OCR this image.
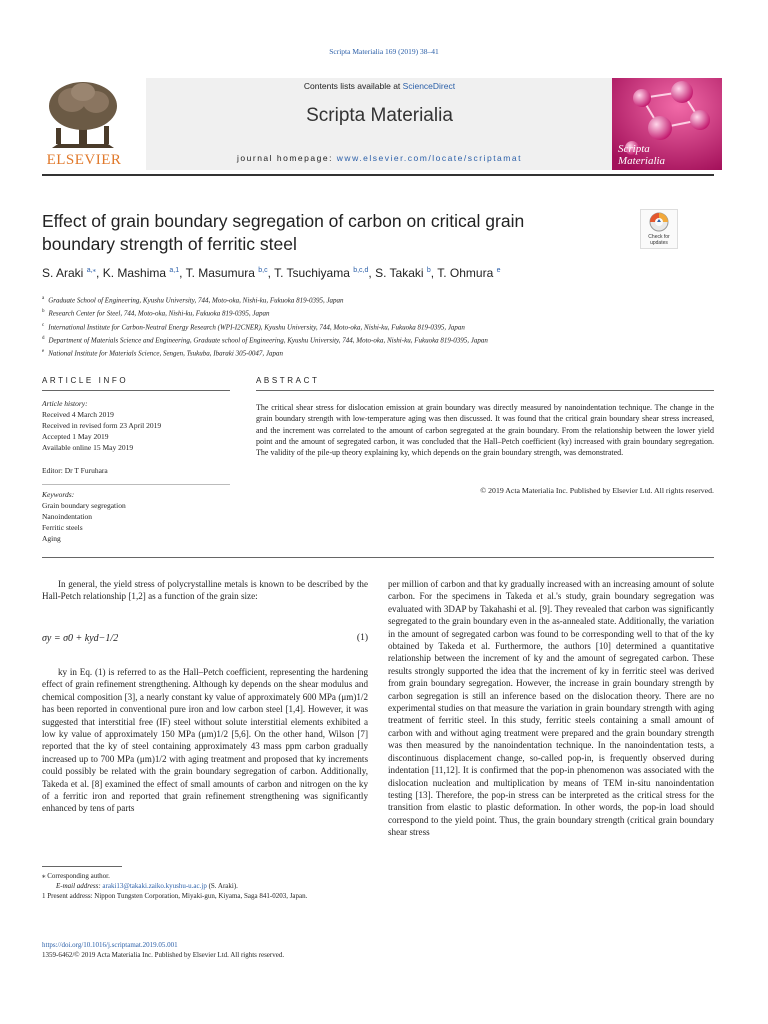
Scripta Materialia 169 (2019) 38–41
ELSEVIER
Contents lists available at ScienceDirect
Scripta Materialia
journal homepage: www.elsevier.com/locate/scriptamat
Scripta
Materialia
Effect of grain boundary segregation of carbon on critical grain boundary strength of ferritic steel	Check for
updates
S. Araki $^{a,⁎}$, K. Mashima $^{a,1}$, T. Masumura $^{b,c}$, T. Tsuchiyama $^{b,c,d}$, S. Takaki $^b$, T. Ohmura $^e$
$^a$ Graduate School of Engineering, Kyushu University, 744, Moto-oka, Nishi-ku, Fukuoka 819-0395, Japan
$^b$ Research Center for Steel, 744, Moto-oka, Nishi-ku, Fukuoka 819-0395, Japan
$^c$ International Institute for Carbon-Neutral Energy Research (WPI-I2CNER), Kyushu University, 744, Moto-oka, Nishi-ku, Fukuoka 819-0395, Japan
$^d$ Department of Materials Science and Engineering, Graduate school of Engineering, Kyushu University, 744, Moto-oka, Nishi-ku, Fukuoka 819-0395, Japan
$^e$ National Institute for Materials Science, Sengen, Tsukuba, Ibaraki 305-0047, Japan
ARTICLE INFO	ABSTRACT
Article history:
Received 4 March 2019
Received in revised form 23 April 2019
Accepted 1 May 2019
Available online 15 May 2019
Editor: Dr T Furuhara
Keywords:
Grain boundary segregation
Nanoindentation
Ferritic steels
Aging
The critical shear stress for dislocation emission at grain boundary was directly measured by nanoindentation technique. The change in the grain boundary strength with low-temperature aging was then discussed. It was found that the critical grain boundary shear stress increased, and the increment was correlated to the amount of carbon segregated at the grain boundary. From the relationship between the lower yield point and the amount of segregated carbon, it was concluded that the Hall–Petch coefficient (ky) increased with grain boundary segregation. The validity of the pile-up theory explaining ky, which depends on the grain boundary strength, was demonstrated.
© 2019 Acta Materialia Inc. Published by Elsevier Ltd. All rights reserved.

In general, the yield stress of polycrystalline metals is known to be described by the Hall-Petch relationship [1,2] as a function of the grain size:

σy = σ0 + kyd−1/2	(1)

ky in Eq. (1) is referred to as the Hall–Petch coefficient, representing the hardening effect of grain refinement strengthening. Although ky depends on the shear modulus and chemical composition [3], a nearly constant ky value of approximately 600 MPa (μm)1/2 has been reported in conventional pure iron and low carbon steel [1,4]. However, it was suggested that interstitial free (IF) steel without solute interstitial elements exhibited a low ky value of approximately 150 MPa (μm)1/2 [5,6]. On the other hand, Wilson [7] reported that the ky of steel containing approximately 43 mass ppm carbon gradually increased up to 700 MPa (μm)1/2 with aging treatment and proposed that ky increments could possibly be related with the grain boundary segregation of carbon. Additionally, Takeda et al. [8] examined the effect of small amounts of carbon and nitrogen on the ky of a ferritic iron and reported that grain refinement strengthening was significantly enhanced by tens of parts

⁎ Corresponding author.
E-mail address: araki13@takaki.zaiko.kyushu-u.ac.jp (S. Araki).
1 Present address: Nippon Tungsten Corporation, Miyaki-gun, Kiyama, Saga 841-0203, Japan.
per million of carbon and that ky gradually increased with an increasing amount of solute carbon. For the specimens in Takeda et al.'s study, grain boundary segregation was evaluated with 3DAP by Takahashi et al. [9]. They revealed that carbon was significantly segregated to the grain boundary even in the as-annealed state. Additionally, the variation in the amount of segregated carbon was found to be corresponding well to that of the ky obtained by Takeda et al. Furthermore, the authors [10] determined a quantitative relationship between the increment of ky and the amount of segregated carbon. These results strongly supported the idea that the increment of ky in ferritic steel was derived from grain boundary segregation. However, the increase in grain boundary strength by carbon segregation is still an inference based on the dislocation theory. There are no experimental studies on that measure the variation in grain boundary strength with aging treatment of ferritic steel. In this study, ferritic steels containing a small amount of carbon with and without aging treatment were prepared and the grain boundary strength was then measured by the nanoindentation technique. In the nanoindentation tests, a discontinuous displacement change, so-called pop-in, is frequently observed during indentation [11,12]. It is confirmed that the pop-in phenomenon was associated with the dislocation nucleation and multiplication by means of TEM in-situ nanoindentation testing [13]. Therefore, the pop-in stress can be interpreted as the critical stress for the transition from elastic to plastic deformation. In other words, the pop-in load should correspond to the yield point. Thus, the grain boundary strength (critical grain boundary shear stress
https://doi.org/10.1016/j.scriptamat.2019.05.001
1359-6462/© 2019 Acta Materialia Inc. Published by Elsevier Ltd. All rights reserved.
